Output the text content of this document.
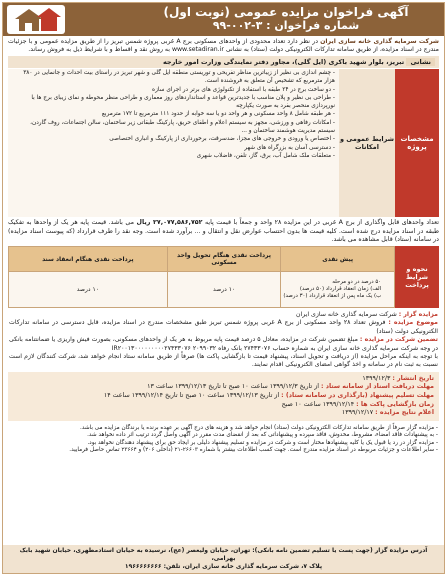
آگهی فراخوان مزایده عمومی (نوبت اول)
شماره فراخوان : ۳-۰۰۲-۹۹
شرکت سرمایه گذاری خانه سازی ایران در نظر دارد تعداد محدودی از واحدهای مسکونی برج A غربی پروژه شمس تبریز را از طریق مزایده عمومی و با جزئیات مندرج در اسناد مزایده، از طریق سامانه تدارکات الکترونیکی دولت (ستاد) به نشانی www.setadiran.ir به روش نقد و اقساط و با شرایط ذیل به فروش رساند.
نشانی تبریز، بلوار شهید باکری (ایل گلی)، مجاور دفتر نمایندگی وزارت امور خارجه
مشخصات پروژه
شرایط عمومی و امکانات
- چشم اندازی بی نظیر از زیباترین مناظر تفریحی و توریستی منطقه ایل گلی و شهر تبریز در راستای بیت احداث و جانمایی در ۳۸۰ هزار مترمربع که تشخیص آن متعلق به فروشنده است.
- دو ساخت برج در ۲۴ طبقه با استفاده از تکنولوژی های برتر در اجرای سازه
- طراحی بی نظیر و پلان مناسب با جدیدترین قواعد و استانداردهای روز معماری و طراحی منظر محوطه و نمای زیبای برج ها با نورپردازی منحصر بفرد به صورت یکپارچه
- هر طبقه شامل ۸ واحد مسکونی و هر واحد دو یا سه خوابه از حدود ۱۱۱ مترمربع تا ۱۷۲ مترمربع
- امکانات رفاهی و ورزشی، مجهز به سیستم اعلام و اطفای حریق، پارکینگ طبقاتی زیر ساختمان، سالن اجتماعات، روف گاردن، سیستم مدیریت هوشمند ساختمان و ...
- اختصاص یا ورودی و خروجی های مجزا، ضدسرقت، برخورداری از پارکینگ و انباری اختصاصی
- دسترسی آسان به بزرگراه های شهر
- متعلقات ملک شامل آب، برق، گاز، تلفن، فاضلاب شهری
تعداد واحدهای قابل واگذاری از برج A غربی در این مزایده ۲۸ واحد و جمعاً با قیمت پایه ۲۷,۰۷۷,۵۸۶,۷۵۲ ریال می باشد. قیمت پایه هر یک از واحدها به تفکیک طبقه در اسناد مزایده درج شده است. کلیه قیمت ها بدون احتساب عوارض نقل و انتقال و ... برآورد شده است. وجه نقد را طرف قرارداد (که پیوست اسناد مزایده) در سامانه (ستاد) قابل مشاهده می باشد.
نحوه و شرایط پرداخت
پیش نقدی
پرداخت نقدی هنگام تحویل واحد مسکونی
پرداخت نقدی هنگام انعقاد سند
۵۰ درصد در دو مرحله
الف) زمان انعقاد قرارداد (۵۰ درصد)
ب) یک ماه پس از انعقاد قرارداد (۳۰ درصد)
۱۰ درصد
۱۰ درصد
مزایده گزار : شرکت سرمایه گذاری خانه سازی ایران
موضوع مزایده : فروش تعداد ۲۸ واحد مسکونی از برج A غربی پروژه شمس تبریز طبق مشخصات مندرج در اسناد مزایده، قابل دسترسی در سامانه تدارکات الکترونیکی دولت (ستاد)
تضمین شرکت در مزایده : مبلغ تضمین شرکت در مزایده، معادل ۵ درصد قیمت پایه مربوط به هر یک از واحدهای مسکونی، بصورت فیش واریزی یا ضمانتنامه بانکی در وجه شرکت سرمایه گذاری خانه سازی ایران به شماره حساب ۲۷۴۳۳۰۷۶ بانک رفاه IR۲۰۰۱۳۰۰۰۰۰۰۰۰۰۲۷۴۳۳۰۷۶ ۲۰۹۹۰۳۲
با توجه به اینکه مراحل مزایده (از دریافت و تحویل اسناد، پیشنهاد قیمت تا بازگشایی پاکت ها) صرفاً از طریق سامانه ستاد انجام خواهد شد، شرکت کنندگان لازم است نسبت به ثبت نام در سامانه و اخذ گواهی امضای الکترونیکی اقدام نمایند.
تاریخ انتشار : ۱۳۹۹/۱۲/۳
مهلت دریافت اسناد از سامانه ستاد : از تاریخ ۱۳۹۹/۱۲/۳ ساعت ۱۰ صبح تا تاریخ ۱۳۹۹/۱۲/۱۳ ساعت ۱۳
مهلت تسلیم پیشنهاد (بارگذاری در سامانه ستاد) : از تاریخ ۱۳۹۹/۱۲/۱۳ ساعت ۱۰ صبح تا تاریخ ۱۳۹۹/۱۲/۱۴ ساعت ۱۴
زمان بازگشایی پاکت ها : ۱۳۹۹/۱۲/۱۴ ساعت ۱۰ صبح
اعلام نتایج مزایده : ۱۳۹۹/۱۲/۱۷
- مزایده گزار صرفاً از طریق سامانه تدارکات الکترونیکی دولت (ستاد) انجام خواهد شد و هزینه های درج آگهی بر عهده برنده یا برندگان مزایده می باشد.
- به پیشنهادات فاقد امضاء، مشروط، مخدوش، فاقد سپرده و پیشنهاداتی که بعد از انقضای مدت مقرر در آگهی واصل گردد ترتیب اثر داده نخواهد شد.
- مزایده گزار در رد یا قبول یک یا کلیه پیشنهادها مختار است و شرکت در مزایده و تسلیم پیشنهاد دلیلی بر ایجاد حق برای پیشنهاد دهندگان نخواهد بود.
- سایر اطلاعات و جزئیات مربوطه در اسناد مزایده مندرج است. جهت کسب اطلاعات بیشتر با شماره ۲۶۶۰۳-۲۱ (داخلی ۲۰۶) و ۲۳۶۶۴ تماس حاصل فرمایید.
آدرس مزایده گزار (جهت پست یا تسلیم تضمین نامه بانکی): تهران، خیابان ولیعصر (عج)، نرسیده به خیابان استادمطهری، خیابان شهید بابک بهرامی،
پلاک ۷، شرکت سرمایه گذاری خانه سازی ایران، تلفن: ۱۹۶۶۶۶۶۶۶۶
